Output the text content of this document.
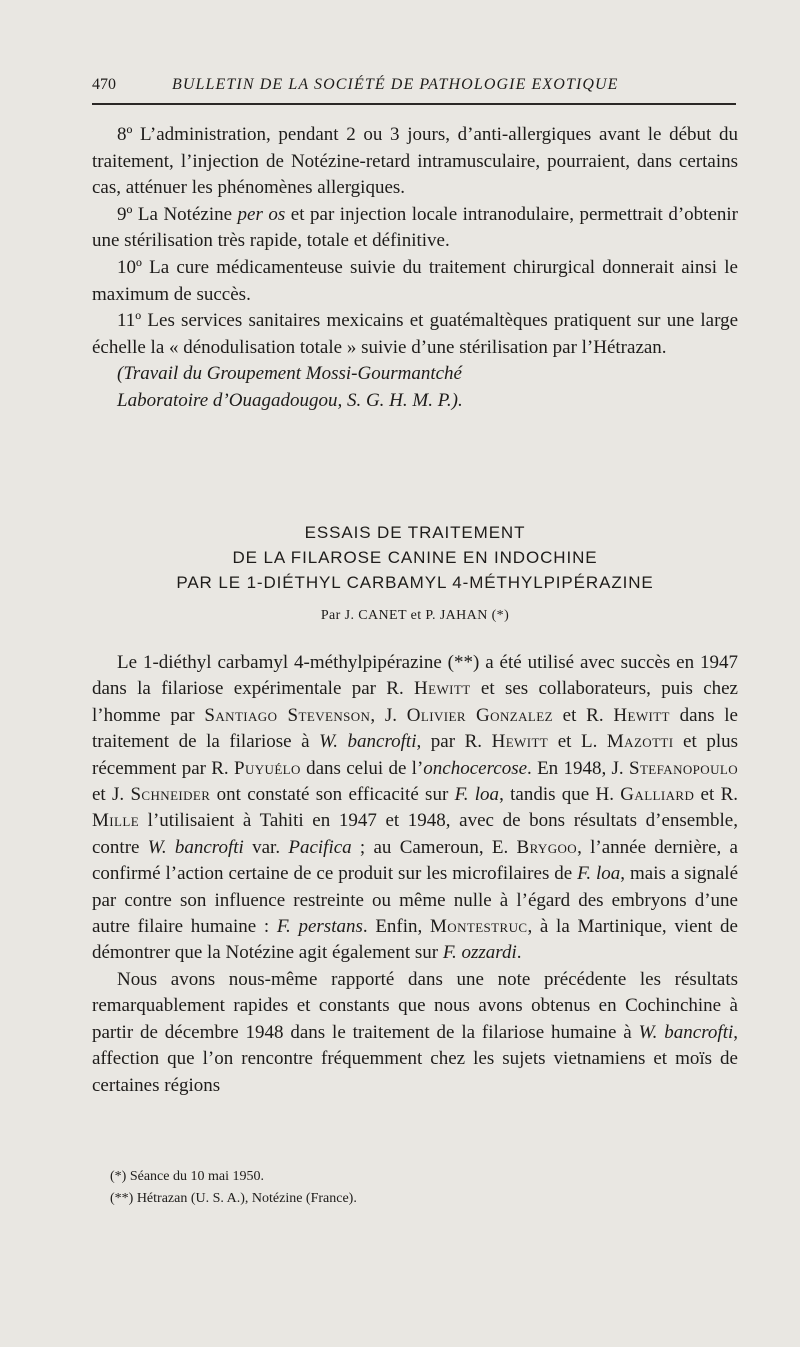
470	BULLETIN DE LA SOCIÉTÉ DE PATHOLOGIE EXOTIQUE

8º L’administration, pendant 2 ou 3 jours, d’anti-allergiques avant le début du traitement, l’injection de Notézine-retard intramusculaire, pourraient, dans certains cas, atténuer les phénomènes allergiques.

9º La Notézine per os et par injection locale intranodulaire, permettrait d’obtenir une stérilisation très rapide, totale et définitive.

10º La cure médicamenteuse suivie du traitement chirurgical donnerait ainsi le maximum de succès.

11º Les services sanitaires mexicains et guatémaltèques pratiquent sur une large échelle la « dénodulisation totale » suivie d’une stérilisation par l’Hétrazan.

(Travail du Groupement Mossi-Gourmantché

Laboratoire d’Ouagadougou, S. G. H. M. P.).

ESSAIS DE TRAITEMENT
DE LA FILAROSE CANINE EN INDOCHINE
PAR LE 1-DIÉTHYL CARBAMYL 4-MÉTHYLPIPÉRAZINE
Par J. CANET et P. JAHAN (*)

Le 1-diéthyl carbamyl 4-méthylpipérazine (**) a été utilisé avec succès en 1947 dans la filariose expérimentale par R. Hewitt et ses collaborateurs, puis chez l’homme par Santiago Stevenson, J. Olivier Gonzalez et R. Hewitt dans le traitement de la filariose à W. bancrofti, par R. Hewitt et L. Mazotti et plus récemment par R. Puyuélo dans celui de l’onchocercose. En 1948, J. Stefanopoulo et J. Schneider ont constaté son efficacité sur F. loa, tandis que H. Galliard et R. Mille l’utilisaient à Tahiti en 1947 et 1948, avec de bons résultats d’ensemble, contre W. bancrofti var. Pacifica ; au Cameroun, E. Brygoo, l’année dernière, a confirmé l’action certaine de ce produit sur les microfilaires de F. loa, mais a signalé par contre son influence restreinte ou même nulle à l’égard des embryons d’une autre filaire humaine : F. perstans. Enfin, Montestruc, à la Martinique, vient de démontrer que la Notézine agit également sur F. ozzardi.

Nous avons nous-même rapporté dans une note précédente les résultats remarquablement rapides et constants que nous avons obtenus en Cochinchine à partir de décembre 1948 dans le traitement de la filariose humaine à W. bancrofti, affection que l’on rencontre fréquemment chez les sujets vietnamiens et moïs de certaines régions

(*) Séance du 10 mai 1950.
(**) Hétrazan (U. S. A.), Notézine (France).
